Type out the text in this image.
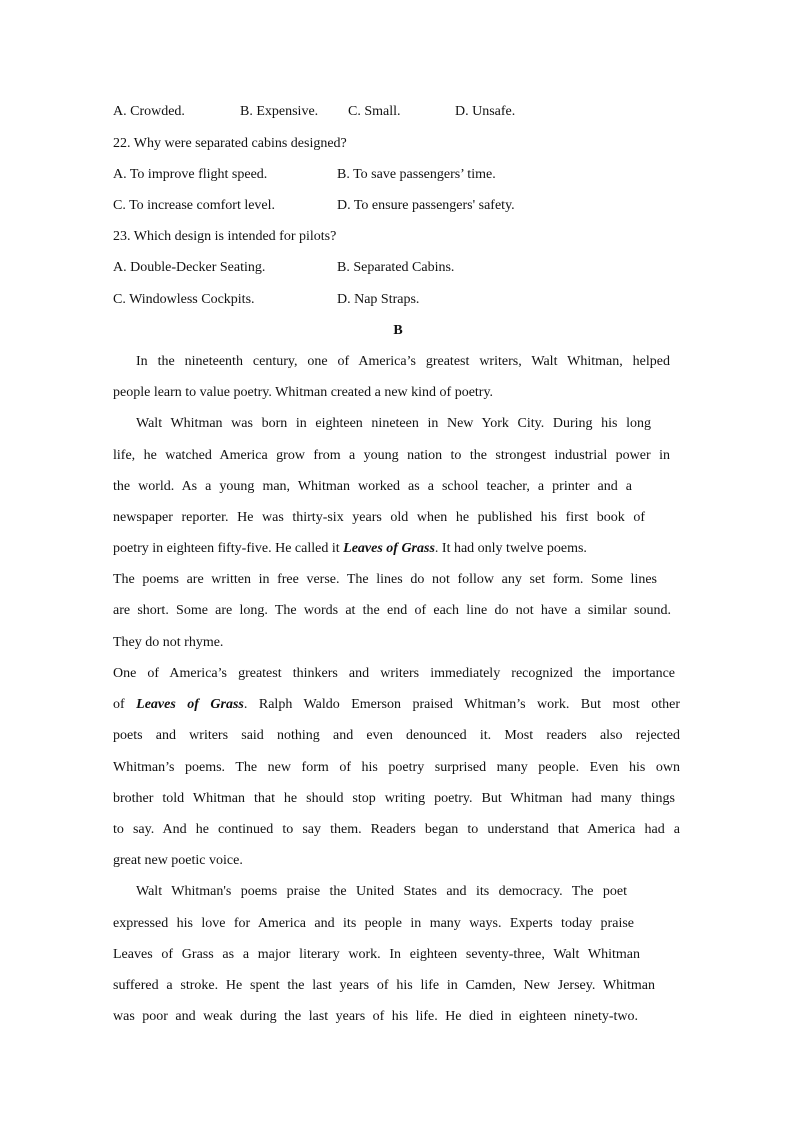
A. Crowded.	B. Expensive. C. Small.	D. Unsafe.
22. Why were separated cabins designed?
A. To improve flight speed.	B. To save passengers’ time.
C. To increase comfort level.	D. To ensure passengers' safety.
23. Which design is intended for pilots?
A. Double-Decker Seating.	B. Separated Cabins.
C. Windowless Cockpits.	D. Nap Straps.
B
In the nineteenth century, one of America’s greatest writers, Walt Whitman, helped
people learn to value poetry. Whitman created a new kind of poetry.
Walt Whitman was born in eighteen nineteen in New York City. During his long
life, he watched America grow from a young nation to the strongest industrial power in
the world. As a young man, Whitman worked as a school teacher, a printer and a
newspaper reporter. He was thirty-six years old when he published his first book of
poetry in eighteen fifty-five. He called it Leaves of Grass. It had only twelve poems.
The poems are written in free verse. The lines do not follow any set form. Some lines
are short. Some are long. The words at the end of each line do not have a similar sound.
They do not rhyme.
One of America’s greatest thinkers and writers immediately recognized the importance
of Leaves of Grass. Ralph Waldo Emerson praised Whitman’s work. But most other
poets and writers said nothing and even denounced it. Most readers also rejected
Whitman’s poems. The new form of his poetry surprised many people. Even his own
brother told Whitman that he should stop writing poetry. But Whitman had many things
to say. And he continued to say them. Readers began to understand that America had a
great new poetic voice.
Walt Whitman's poems praise the United States and its democracy. The poet
expressed his love for America and its people in many ways. Experts today praise
Leaves of Grass as a major literary work. In eighteen seventy-three, Walt Whitman
suffered a stroke. He spent the last years of his life in Camden, New Jersey. Whitman
was poor and weak during the last years of his life. He died in eighteen ninety-two.
